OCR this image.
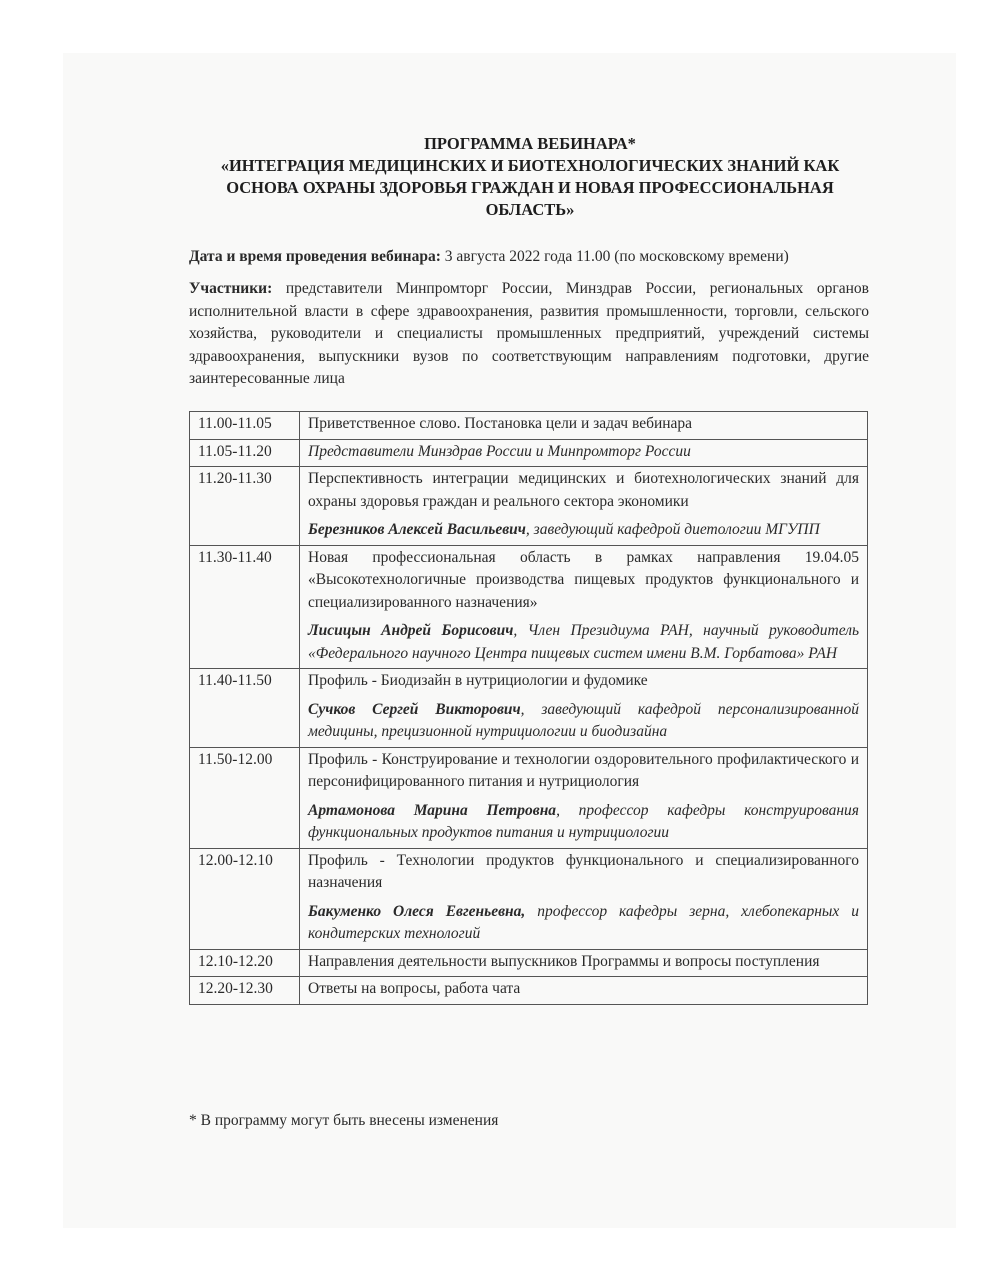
ПРОГРАММА ВЕБИНАРА*
«ИНТЕГРАЦИЯ МЕДИЦИНСКИХ И БИОТЕХНОЛОГИЧЕСКИХ ЗНАНИЙ КАК
ОСНОВА ОХРАНЫ ЗДОРОВЬЯ ГРАЖДАН И НОВАЯ ПРОФЕССИОНАЛЬНАЯ
ОБЛАСТЬ»
Дата и время проведения вебинара: 3 августа 2022 года 11.00 (по московскому времени)
Участники: представители Минпромторг России, Минздрав России, региональных органов исполнительной власти в сфере здравоохранения, развития промышленности, торговли, сельского хозяйства, руководители и специалисты промышленных предприятий, учреждений системы здравоохранения, выпускники вузов по соответствующим направлениям подготовки, другие заинтересованные лица
11.00-11.05	Приветственное слово. Постановка цели и задач вебинара

11.05-11.20	Представители Минздрав России и Минпромторг России

11.20-11.30	Перспективность интеграции медицинских и биотехнологических знаний для охраны здоровья граждан и реального сектора экономики

Березников Алексей Васильевич, заведующий кафедрой диетологии МГУПП

11.30-11.40	Новая профессиональная область в рамках направления 19.04.05 «Высокотехнологичные производства пищевых продуктов функционального и специализированного назначения»

Лисицын Андрей Борисович, Член Президиума РАН, научный руководитель «Федерального научного Центра пищевых систем имени В.М. Горбатова» РАН

11.40-11.50	Профиль - Биодизайн в нутрициологии и фудомике

Сучков Сергей Викторович, заведующий кафедрой персонализированной медицины, прецизионной нутрициологии и биодизайна

11.50-12.00	Профиль - Конструирование и технологии оздоровительного профилактического и персонифицированного питания и нутрициология

Артамонова Марина Петровна, профессор кафедры конструирования функциональных продуктов питания и нутрициологии

12.00-12.10	Профиль - Технологии продуктов функционального и специализированного назначения

Бакуменко Олеся Евгеньевна, профессор кафедры зерна, хлебопекарных и кондитерских технологий

12.10-12.20	Направления деятельности выпускников Программы и вопросы поступления

12.20-12.30	Ответы на вопросы, работа чата

* В программу могут быть внесены изменения
